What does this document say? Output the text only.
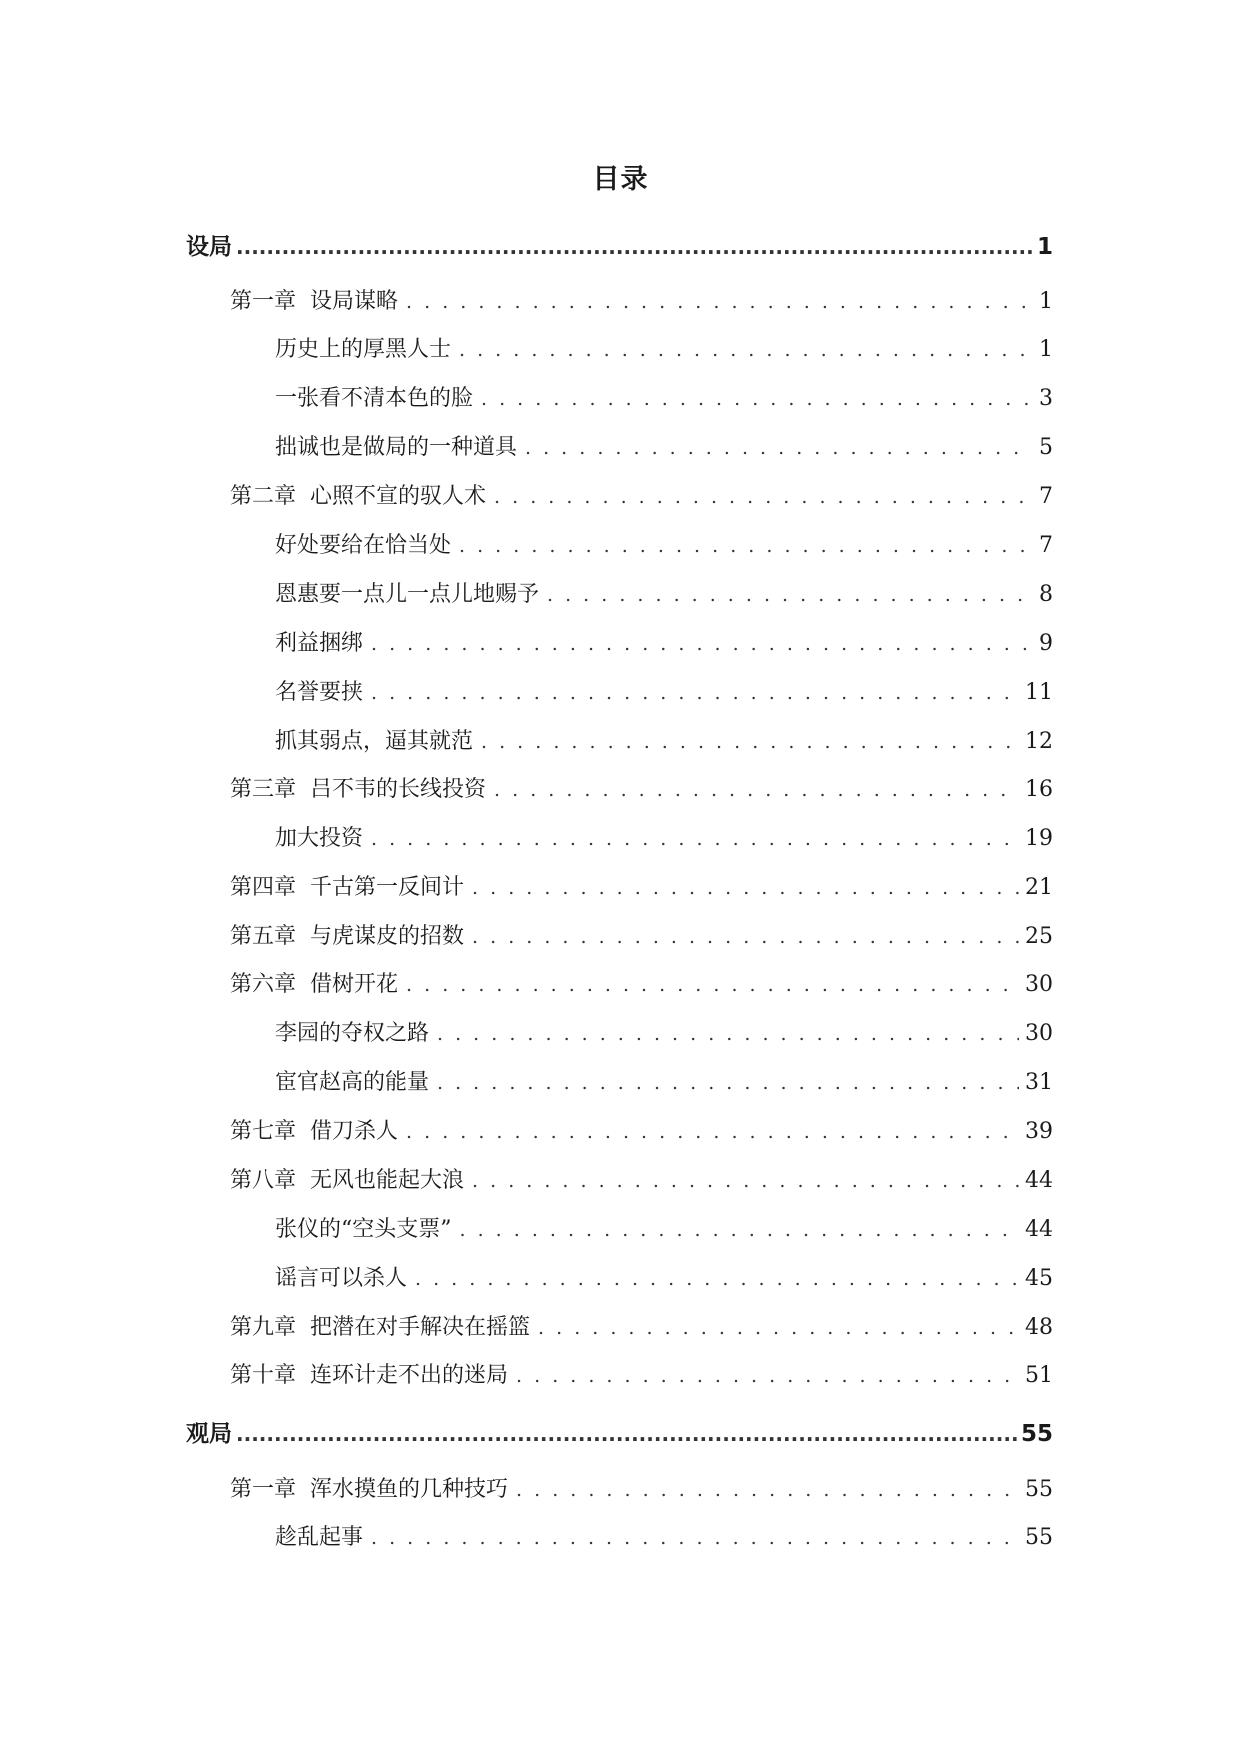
目录
设局 .....	1
第一章 设局谋略 . . .	1
历史上的厚黑人士 . . .	1
一张看不清本色的脸 . . .	3
拙诚也是做局的一种道具 . . .	5
第二章 心照不宣的驭人术 . . .	7
好处要给在恰当处 . . .	7
恩惠要一点儿一点儿地赐予 . . .	8
利益捆绑 . . .	9
名誉要挟 . . .	11
抓其弱点，逼其就范 . . .	12
第三章 吕不韦的长线投资 . . .	16
加大投资 . . .	19
第四章 千古第一反间计 . . .	21
第五章 与虎谋皮的招数 . . .	25
第六章 借树开花 . . .	30
李园的夺权之路 . . .	30
宦官赵高的能量 . . .	31
第七章 借刀杀人 . . .	39
第八章 无风也能起大浪 . . .	44
张仪的“空头支票” . . .	44
谣言可以杀人 . . .	45
第九章 把潜在对手解决在摇篮 . . .	48
第十章 连环计走不出的迷局 . . .	51
观局 .....	55
第一章 浑水摸鱼的几种技巧 . . .	55
趁乱起事 . . .	55
